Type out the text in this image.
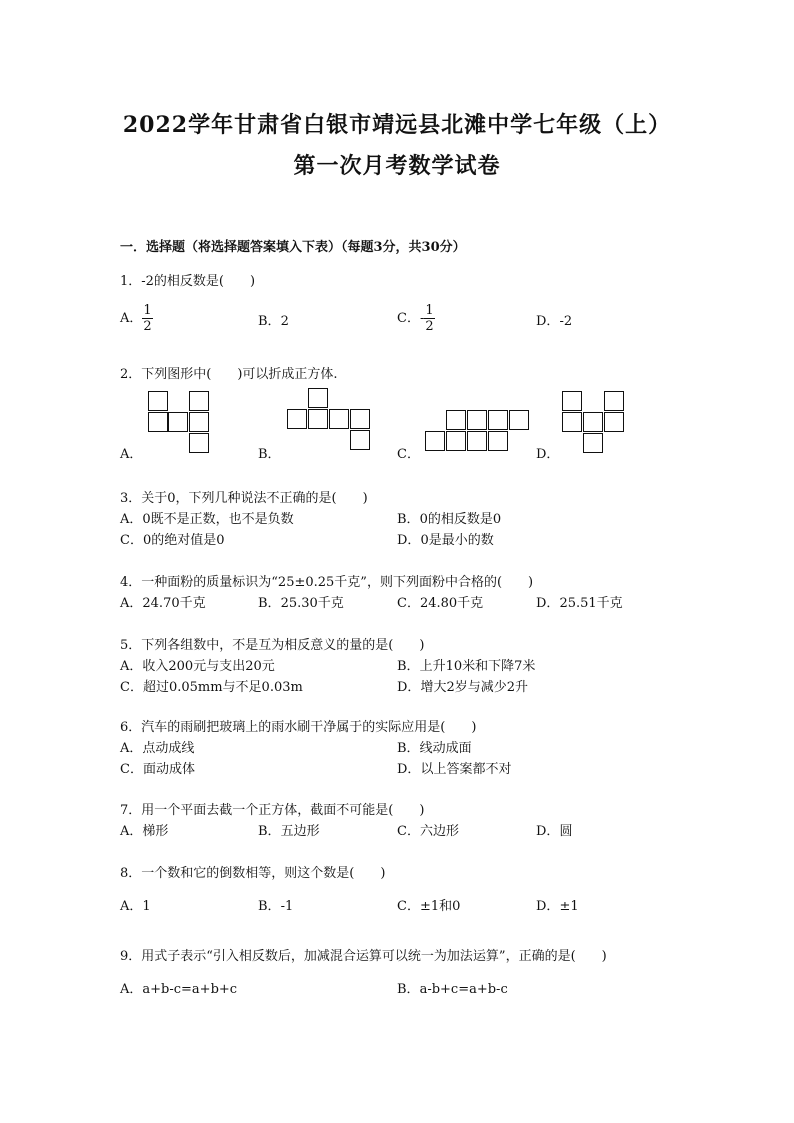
2022学年甘肃省白银市靖远县北滩中学七年级（上）
第一次月考数学试卷
一．选择题（将选择题答案填入下表）（每题3分，共30分）
1．-2的相反数是(　　)
A． $\frac{1}{2}$	B．2	C．- $\frac{1}{2}$	D．-2
2．下列图形中(　　)可以折成正方体.
A．	B．	C．	D．
3．关于0，下列几种说法不正确的是(　　)
A．0既不是正数，也不是负数	B．0的相反数是0
C．0的绝对值是0	D．0是最小的数
4．一种面粉的质量标识为“25±0.25千克”，则下列面粉中合格的(　　)
A．24.70千克	B．25.30千克	C．24.80千克	D．25.51千克
5．下列各组数中，不是互为相反意义的量的是(　　)
A．收入200元与支出20元	B．上升10米和下降7米
C．超过0.05mm与不足0.03m	D．增大2岁与减少2升
6．汽车的雨刷把玻璃上的雨水刷干净属于的实际应用是(　　)
A．点动成线	B．线动成面
C．面动成体	D．以上答案都不对
7．用一个平面去截一个正方体，截面不可能是(　　)
A．梯形	B．五边形	C．六边形	D．圆
8．一个数和它的倒数相等，则这个数是(　　)
A．1	B．-1	C．±1和0	D．±1
9．用式子表示“引入相反数后，加减混合运算可以统一为加法运算”，正确的是(　　)
A．a+b-c=a+b+c	B．a-b+c=a+b-c
